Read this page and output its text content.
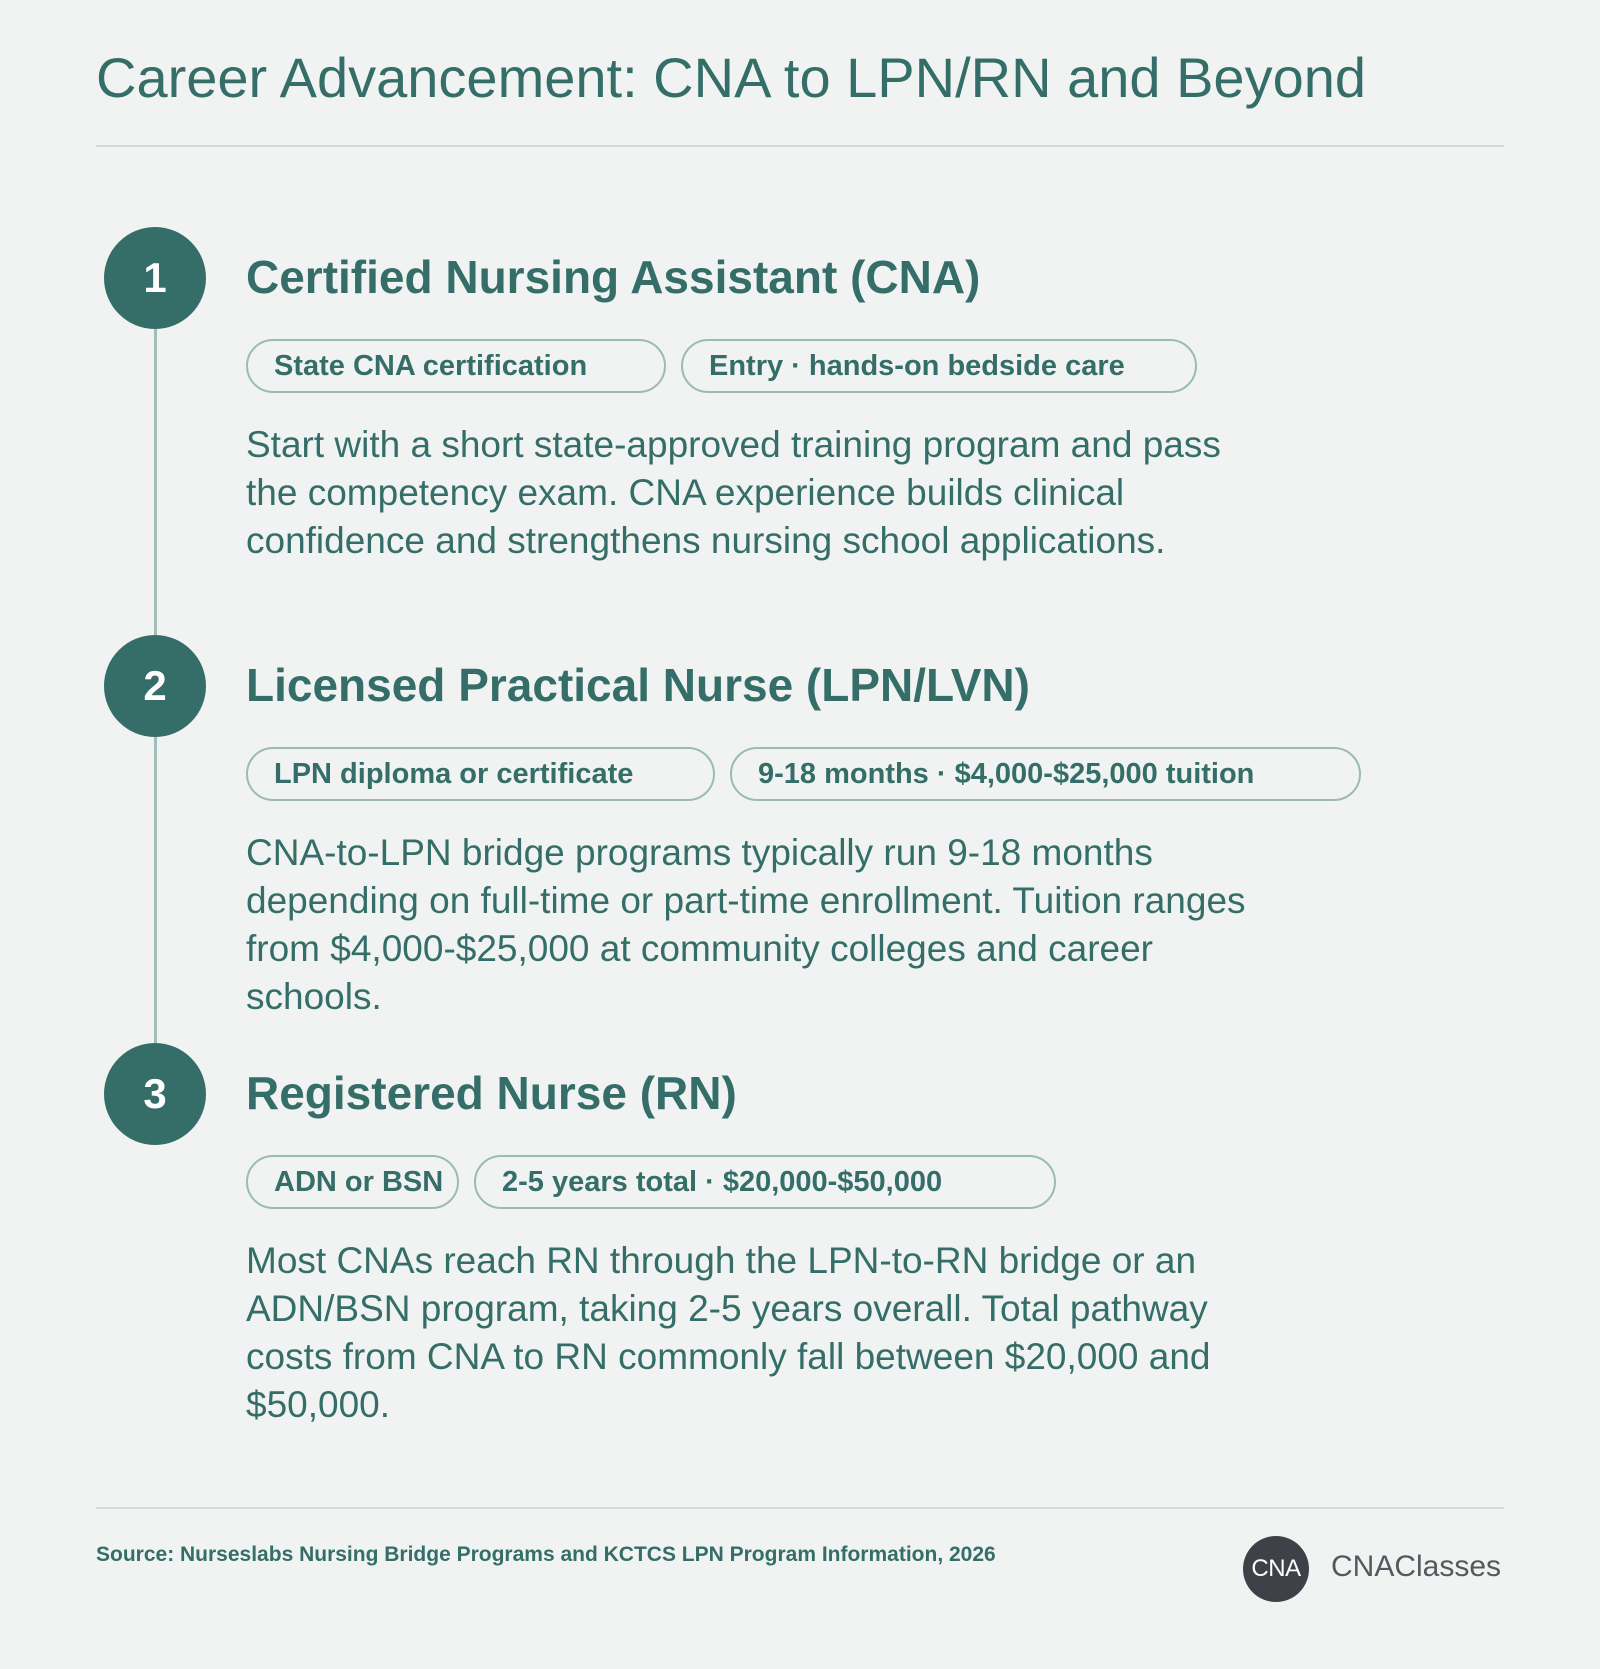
Career Advancement: CNA to LPN/RN and Beyond
1	Certified Nursing Assistant (CNA)
State CNA certification	Entry · hands-on bedside care

Start with a short state-approved training program and pass the competency exam. CNA experience builds clinical confidence and strengthens nursing school applications.

2	Licensed Practical Nurse (LPN/LVN)
LPN diploma or certificate	9-18 months · $4,000-$25,000 tuition

CNA-to-LPN bridge programs typically run 9-18 months depending on full-time or part-time enrollment. Tuition ranges from $4,000-$25,000 at community colleges and career schools.

3	Registered Nurse (RN)
ADN or BSN	2-5 years total · $20,000-$50,000

Most CNAs reach RN through the LPN-to-RN bridge or an ADN/BSN program, taking 2-5 years overall. Total pathway costs from CNA to RN commonly fall between $20,000 and $50,000.

Source: Nurseslabs Nursing Bridge Programs and KCTCS LPN Program Information, 2026

CNA CNAClasses
